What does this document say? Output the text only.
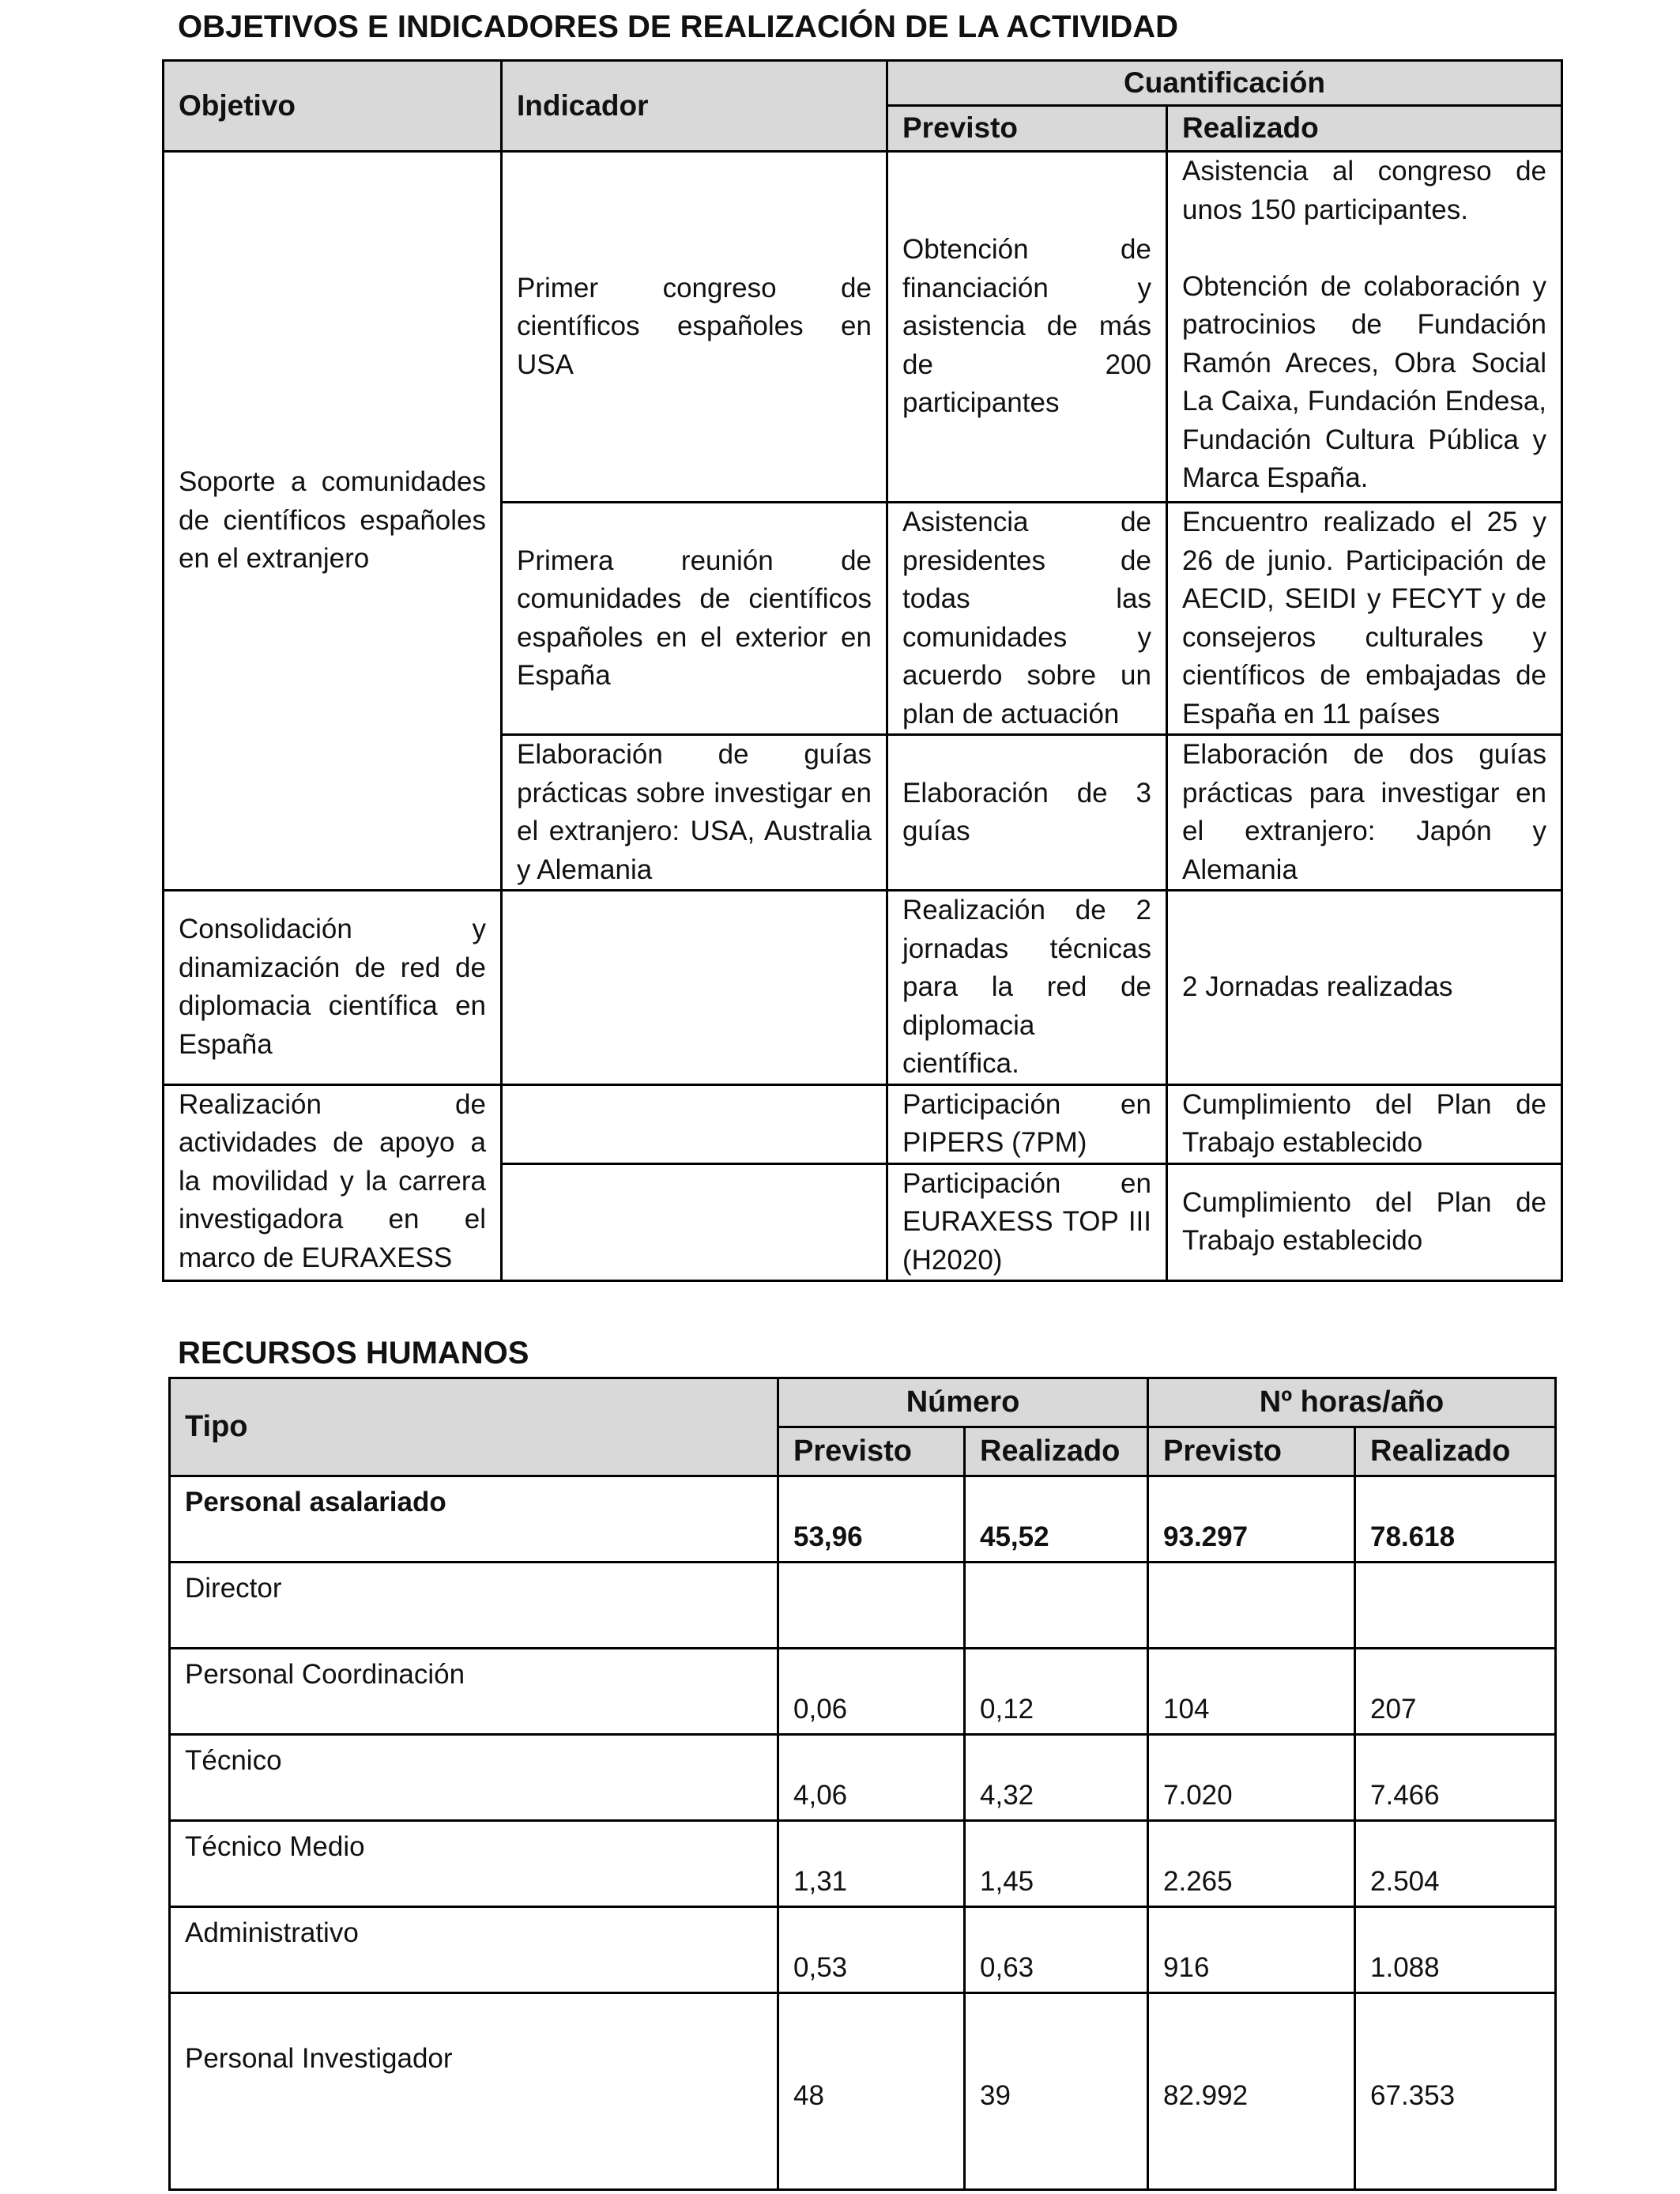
OBJETIVOS E INDICADORES DE REALIZACIÓN DE LA ACTIVIDAD
Objetivo	Indicador	Cuantificación	
		Previsto	Realizado
Soporte a comunidades de científicos españoles en el extranjero	Primer congreso de científicos españoles en USA	Obtención de financiación y asistencia de más de 200 participantes	Asistencia al congreso de unos 150 participantes.

Obtención de colaboración y patrocinios de Fundación Ramón Areces, Obra Social La Caixa, Fundación Endesa, Fundación Cultura Pública y Marca España.
	Primera reunión de comunidades de científicos españoles en el exterior en España	Asistencia de presidentes de todas las comunidades y acuerdo sobre un plan de actuación	Encuentro realizado el 25 y 26 de junio. Participación de AECID, SEIDI y FECYT y de consejeros culturales y científicos de embajadas de España en 11 países
	Elaboración de guías prácticas sobre investigar en el extranjero: USA, Australia y Alemania	Elaboración de 3 guías	Elaboración de dos guías prácticas para investigar en el extranjero: Japón y Alemania
Consolidación y dinamización de red de diplomacia científica en España		Realización de 2 jornadas técnicas para la red de diplomacia científica.	2 Jornadas realizadas
Realización de actividades de apoyo a la movilidad y la carrera investigadora en el marco de EURAXESS		Participación en PIPERS (7PM)	Cumplimiento del Plan de Trabajo establecido
		Participación en EURAXESS TOP III (H2020)	Cumplimiento del Plan de Trabajo establecido
RECURSOS HUMANOS
Tipo	Número		Nº horas/año	
	Previsto	Realizado	Previsto	Realizado
Personal asalariado	53,96	45,52	93.297	78.618
Director				
Personal Coordinación	0,06	0,12	104	207
Técnico	4,06	4,32	7.020	7.466
Técnico Medio	1,31	1,45	2.265	2.504
Administrativo	0,53	0,63	916	1.088
Personal Investigador	48	39	82.992	67.353
